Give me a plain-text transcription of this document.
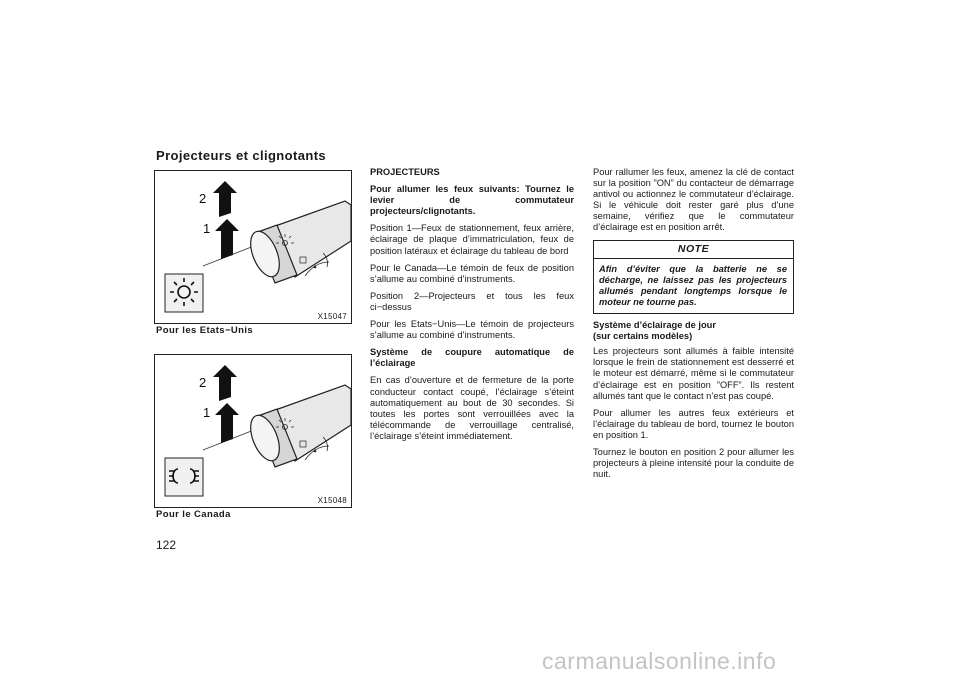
Projecteurs et clignotants
1
2
X15047
Pour les Etats−Unis
1
2
X15048
Pour le Canada
122

PROJECTEURS

Pour allumer les feux suivants: Tournez le levier de commutateur projecteurs/clignotants.

Position 1—Feux de stationnement, feux arrière, éclairage de plaque d’immatriculation, feux de position latéraux et éclairage du tableau de bord

Pour le Canada—Le témoin de feux de position s’allume au combiné d’instruments.

Position 2—Projecteurs et tous les feux ci−dessus

Pour les Etats−Unis—Le témoin de projecteurs s’allume au combiné d’instruments.

Système de coupure automatique de l’éclairage

En cas d’ouverture et de fermeture de la porte conducteur contact coupé, l’éclairage s’éteint automatiquement au bout de 30 secondes. Si toutes les portes sont verrouillées avec la télécommande de verrouillage centralisé, l’éclairage s’éteint immédiatement.

Pour rallumer les feux, amenez la clé de contact sur la position ”ON” du contacteur de démarrage antivol ou actionnez le commutateur d’éclairage. Si le véhicule doit rester garé plus d’une semaine, vérifiez que le commutateur d’éclairage est en position arrêt.

NOTE
Afin d’éviter que la batterie ne se décharge, ne laissez pas les projecteurs allumés pendant longtemps lorsque le moteur ne tourne pas.

Système d’éclairage de jour
(sur certains modèles)

Les projecteurs sont allumés à faible intensité lorsque le frein de stationnement est desserré et le moteur est démarré, même si le commutateur d’éclairage est en position ”OFF”. Ils restent allumés tant que le contact n’est pas coupé.

Pour allumer les autres feux extérieurs et l’éclairage du tableau de bord, tournez le bouton en position 1.

Tournez le bouton en position 2 pour allumer les projecteurs à pleine intensité pour la conduite de nuit.

carmanualsonline.info
